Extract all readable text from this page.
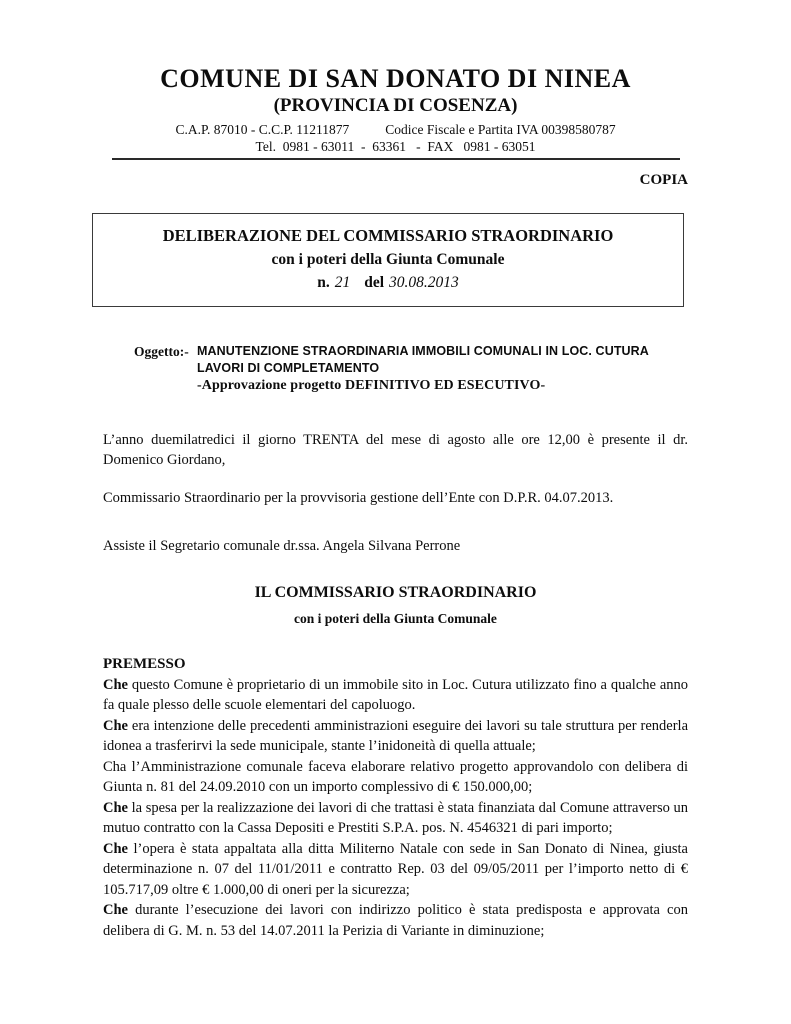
COMUNE DI SAN DONATO DI NINEA
(PROVINCIA DI COSENZA)
C.A.P. 87010 - C.C.P. 11211877	Codice Fiscale e Partita IVA 00398580787
Tel.  0981 - 63011  -  63361   -  FAX   0981 - 63051
COPIA
DELIBERAZIONE DEL COMMISSARIO STRAORDINARIO
con i poteri della Giunta Comunale
n. 21 del 30.08.2013
Oggetto:- MANUTENZIONE STRAORDINARIA IMMOBILI COMUNALI IN LOC. CUTURA
LAVORI DI COMPLETAMENTO
-Approvazione progetto DEFINITIVO ED ESECUTIVO-

L’anno duemilatredici il giorno TRENTA del mese di agosto alle ore 12,00 è presente il dr. Domenico Giordano,

Commissario Straordinario per la provvisoria gestione dell’Ente con D.P.R. 04.07.2013.

Assiste il Segretario comunale dr.ssa. Angela Silvana Perrone

IL COMMISSARIO STRAORDINARIO
con i poteri della Giunta Comunale
PREMESSO

Che questo Comune è proprietario di un immobile sito in Loc. Cutura utilizzato fino a qualche anno fa quale plesso delle scuole elementari del capoluogo.

Che era intenzione delle precedenti amministrazioni eseguire dei lavori su tale struttura per renderla idonea a trasferirvi la sede municipale, stante l’inidoneità di quella attuale;

Cha l’Amministrazione comunale faceva elaborare relativo progetto approvandolo con delibera di Giunta n. 81 del 24.09.2010 con un importo complessivo di € 150.000,00;

Che la spesa per la realizzazione dei lavori di che trattasi è stata finanziata dal Comune attraverso un mutuo contratto con la Cassa Depositi e Prestiti S.P.A. pos. N. 4546321 di pari importo;

Che l’opera è stata appaltata alla ditta Militerno Natale con sede in San Donato di Ninea, giusta determinazione n. 07 del 11/01/2011 e contratto Rep. 03 del 09/05/2011 per l’importo netto di € 105.717,09 oltre € 1.000,00 di oneri per la sicurezza;

Che durante l’esecuzione dei lavori con indirizzo politico è stata predisposta e approvata con delibera di G. M. n. 53 del 14.07.2011 la Perizia di Variante in diminuzione;
